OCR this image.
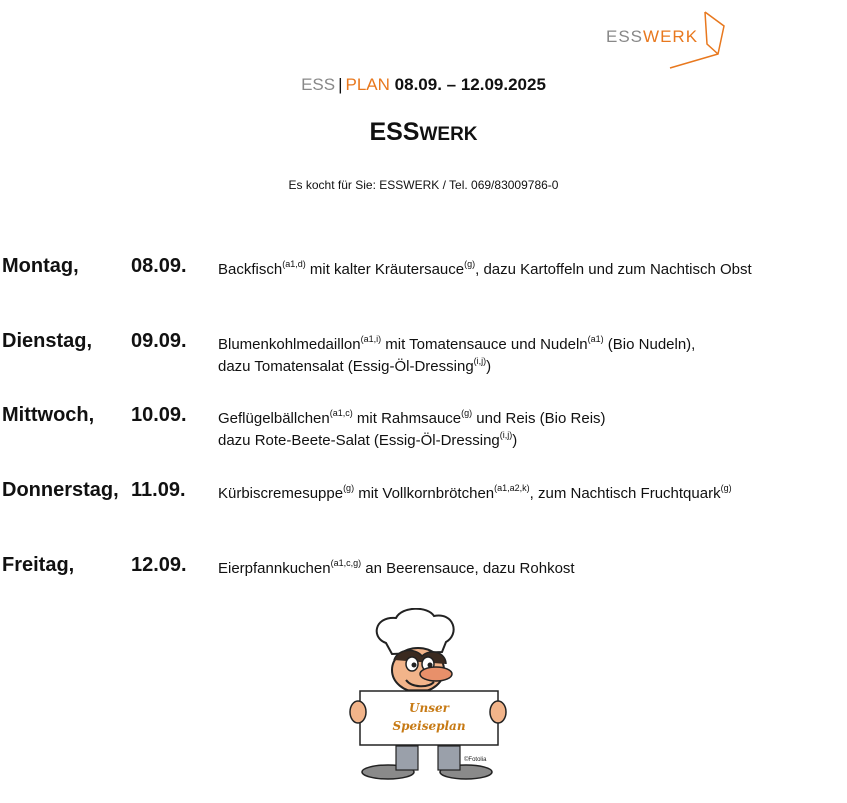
ESSWERK
ESS | PLAN 08.09. – 12.09.2025
ESSWERK
Es kocht für Sie: ESSWERK / Tel. 069/83009786-0
Montag,	08.09. Backfisch$^{(a1,d)}$ mit kalter Kräutersauce$^{(g)}$, dazu Kartoffeln und zum Nachtisch Obst
Dienstag, 09.09. Blumenkohlmedaillon$^{(a1,i)}$ mit Tomatensauce und Nudeln$^{(a1)}$ (Bio Nudeln),
dazu Tomatensalat (Essig-Öl-Dressing$^{(i,j)}$)
Mittwoch, 10.09. Geflügelbällchen$^{(a1,c)}$ mit Rahmsauce$^{(g)}$ und Reis (Bio Reis)
dazu Rote-Beete-Salat (Essig-Öl-Dressing$^{(i,j)}$)
Donnerstag, 11.09. Kürbiscremesuppe$^{(g)}$ mit Vollkornbrötchen$^{(a1,a2,k)}$, zum Nachtisch Fruchtquark$^{(g)}$
Freitag,	12.09. Eierpfannkuchen$^{(a1,c,g)}$ an Beerensauce, dazu Rohkost
Unser
Speiseplan
©Fotolia
